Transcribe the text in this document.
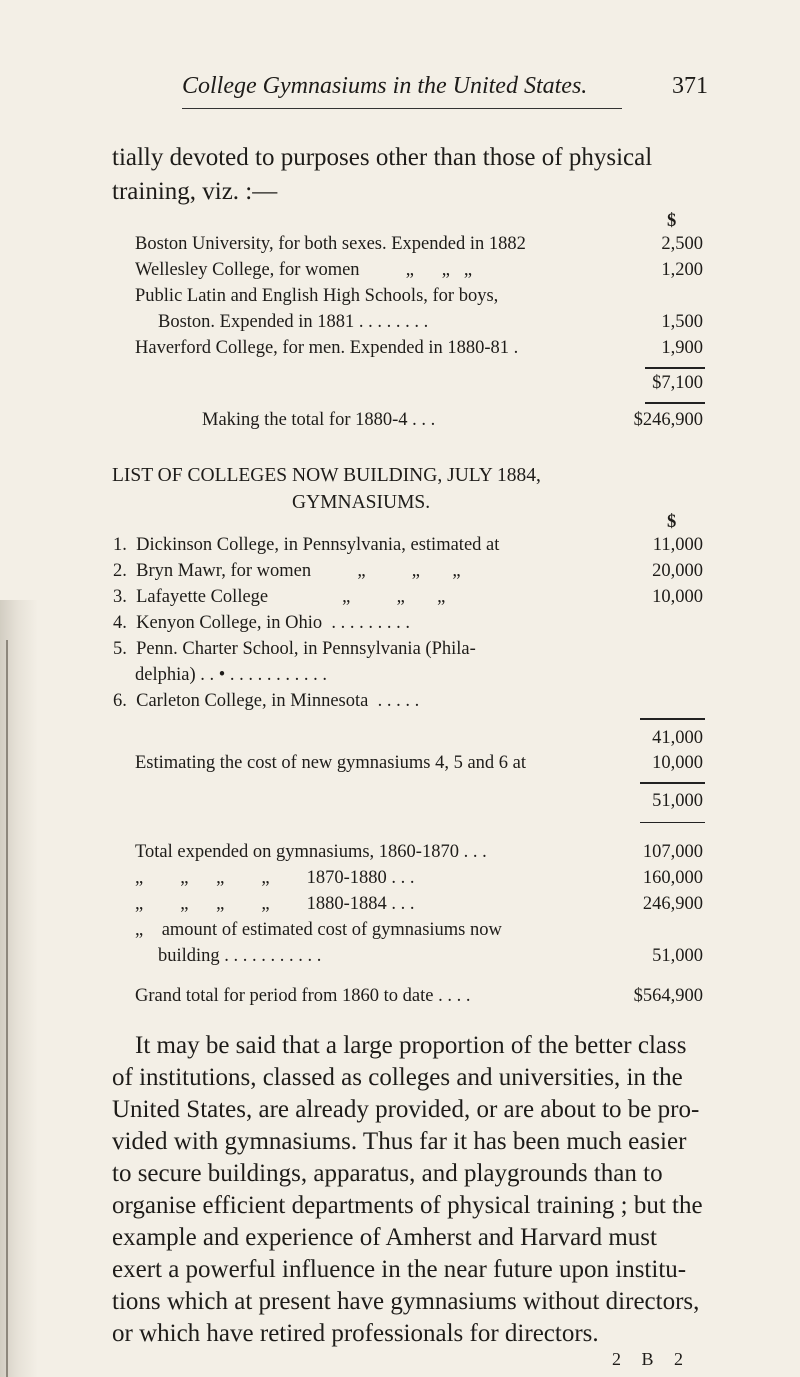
College Gymnasiums in the United States.	371
tially devoted to purposes other than those of physical
training, viz. :—
$
Boston University, for both sexes. Expended in 1882	2,500
Wellesley College, for women          „      „   „	1,200
Public Latin and English High Schools, for boys,
Boston. Expended in 1881 . . . . . . . .	1,500
Haverford College, for men. Expended in 1880-81 .	1,900
$7,100
Making the total for 1880-4 . . .	$246,900
LIST OF COLLEGES NOW BUILDING, JULY 1884,
GYMNASIUMS.
$
1.  Dickinson College, in Pennsylvania, estimated at	11,000
2.  Bryn Mawr, for women          „          „       „	20,000
3.  Lafayette College                „          „       „	10,000
4.  Kenyon College, in Ohio  . . . . . . . . .
5.  Penn. Charter School, in Pennsylvania (Phila-
delphia) . . • . . . . . . . . . . .
6.  Carleton College, in Minnesota  . . . . .
41,000
Estimating the cost of new gymnasiums 4, 5 and 6 at	10,000
51,000
Total expended on gymnasiums, 1860-1870 . . .	107,000
„        „      „        „        1870-1880 . . .	160,000
„        „      „        „        1880-1884 . . .	246,900
„    amount of estimated cost of gymnasiums now
building . . . . . . . . . . .	51,000
Grand total for period from 1860 to date . . . .	$564,900
It may be said that a large proportion of the better class
of institutions, classed as colleges and universities, in the
United States, are already provided, or are about to be pro-
vided with gymnasiums. Thus far it has been much easier
to secure buildings, apparatus, and playgrounds than to
organise efficient departments of physical training ; but the
example and experience of Amherst and Harvard must
exert a powerful influence in the near future upon institu-
tions which at present have gymnasiums without directors,
or which have retired professionals for directors.
2 B 2
